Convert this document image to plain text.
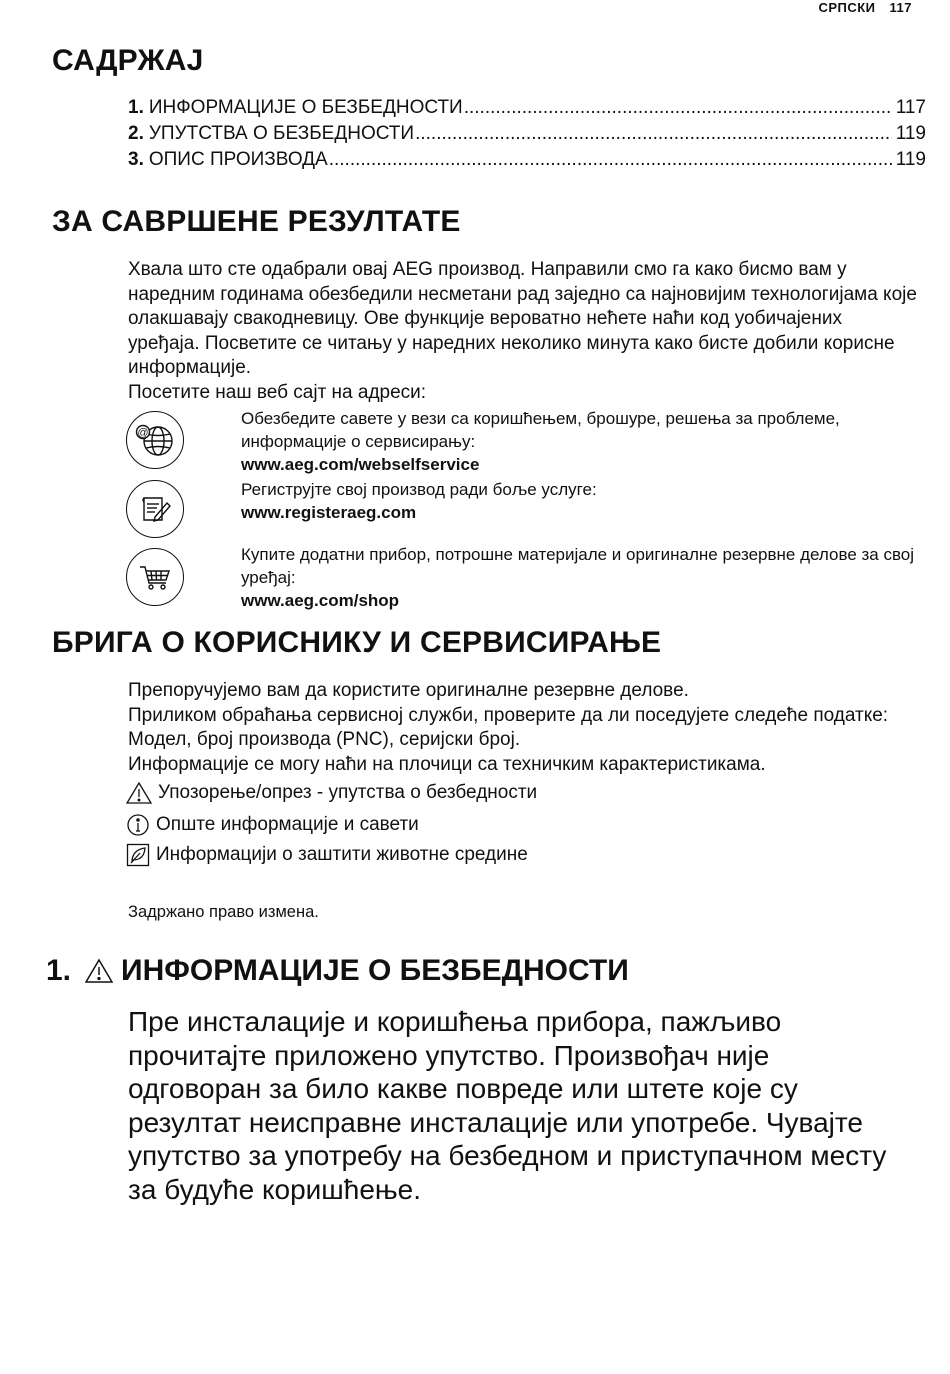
СРПСКИ 117
САДРЖАЈ
1. ИНФОРМАЦИЈЕ О БЕЗБЕДНОСТИ .....	117
2. УПУТСТВА О БЕЗБЕДНОСТИ .....	119
3. ОПИС ПРОИЗВОДА .....	119
ЗА САВРШЕНЕ РЕЗУЛТАТЕ

Хвала што сте одабрали овај AEG производ. Направили смо га како бисмо вам у наредним годинама обезбедили несметани рад заједно са најновијим технологијама које олакшавају свакодневицу. Ове функције вероватно нећете наћи код уобичајених уређаја. Посветите се читању у наредних неколико минута како бисте добили корисне информације.

Посетите наш веб сајт на адреси:

@
Обезбедите савете у вези са коришћењем, брошуре, решења за проблеме, информације о сервисирању:
www.aeg.com/webselfservice
Региструјте свој производ ради боље услуге:
www.registeraeg.com
Купите додатни прибор, потрошне материјале и оригиналне резервне делове за свој уређај:
www.aeg.com/shop
БРИГА О КОРИСНИКУ И СЕРВИСИРАЊЕ

Препоручујемо вам да користите оригиналне резервне делове.

Приликом обраћања сервисној служби, проверите да ли поседујете следеће податке: Модел, број производа (PNC), серијски број.

Информације се могу наћи на плочици са техничким карактеристикама.

Упозорење/опрез - упутства о безбедности
Опште информације и савети
Информацији о заштити животне средине
Задржано право измена.
1. ИНФОРМАЦИЈЕ О БЕЗБЕДНОСТИ
Пре инсталације и коришћења прибора, пажљиво прочитајте приложено упутство. Произвођач није одговоран за било какве повреде или штете које су резултат неисправне инсталације или употребе. Чувајте упутство за употребу на безбедном и приступачном месту за будуће коришћење.
